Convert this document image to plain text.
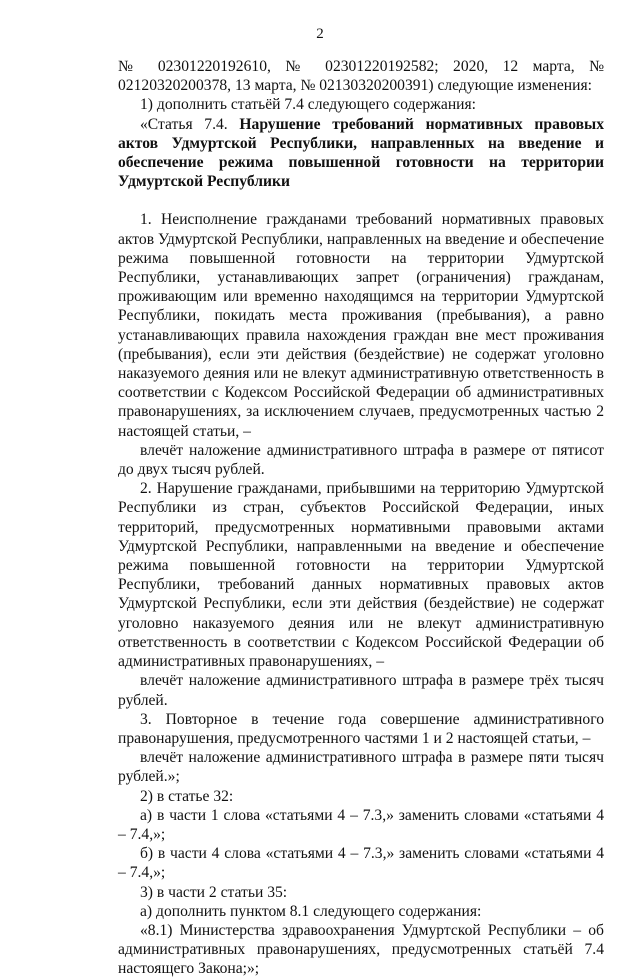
2

№ 02301220192610, № 02301220192582; 2020, 12 марта, № 02120320200378, 13 марта, № 02130320200391) следующие изменения:

1) дополнить статьёй 7.4 следующего содержания:

«Статья 7.4. Нарушение требований нормативных правовых актов Удмуртской Республики, направленных на введение и обеспечение режима повышенной готовности на территории Удмуртской Республики

1. Неисполнение гражданами требований нормативных правовых актов Удмуртской Республики, направленных на введение и обеспечение режима повышенной готовности на территории Удмуртской Республики, устанавливающих запрет (ограничения) гражданам, проживающим или временно находящимся на территории Удмуртской Республики, покидать места проживания (пребывания), а равно устанавливающих правила нахождения граждан вне мест проживания (пребывания), если эти действия (бездействие) не содержат уголовно наказуемого деяния или не влекут административную ответственность в соответствии с Кодексом Российской Федерации об административных правонарушениях, за исключением случаев, предусмотренных частью 2 настоящей статьи, –

влечёт наложение административного штрафа в размере от пятисот до двух тысяч рублей.

2. Нарушение гражданами, прибывшими на территорию Удмуртской Республики из стран, субъектов Российской Федерации, иных территорий, предусмотренных нормативными правовыми актами Удмуртской Республики, направленными на введение и обеспечение режима повышенной готовности на территории Удмуртской Республики, требований данных нормативных правовых актов Удмуртской Республики, если эти действия (бездействие) не содержат уголовно наказуемого деяния или не влекут административную ответственность в соответствии с Кодексом Российской Федерации об административных правонарушениях, –

влечёт наложение административного штрафа в размере трёх тысяч рублей.

3. Повторное в течение года совершение административного правонарушения, предусмотренного частями 1 и 2 настоящей статьи, –

влечёт наложение административного штрафа в размере пяти тысяч рублей.»;

2) в статье 32:

а) в части 1 слова «статьями 4 – 7.3,» заменить словами «статьями 4 – 7.4,»;

б) в части 4 слова «статьями 4 – 7.3,» заменить словами «статьями 4 – 7.4,»;

3) в части 2 статьи 35:

а) дополнить пунктом 8.1 следующего содержания:

«8.1) Министерства здравоохранения Удмуртской Республики – об административных правонарушениях, предусмотренных статьёй 7.4 настоящего Закона;»;
